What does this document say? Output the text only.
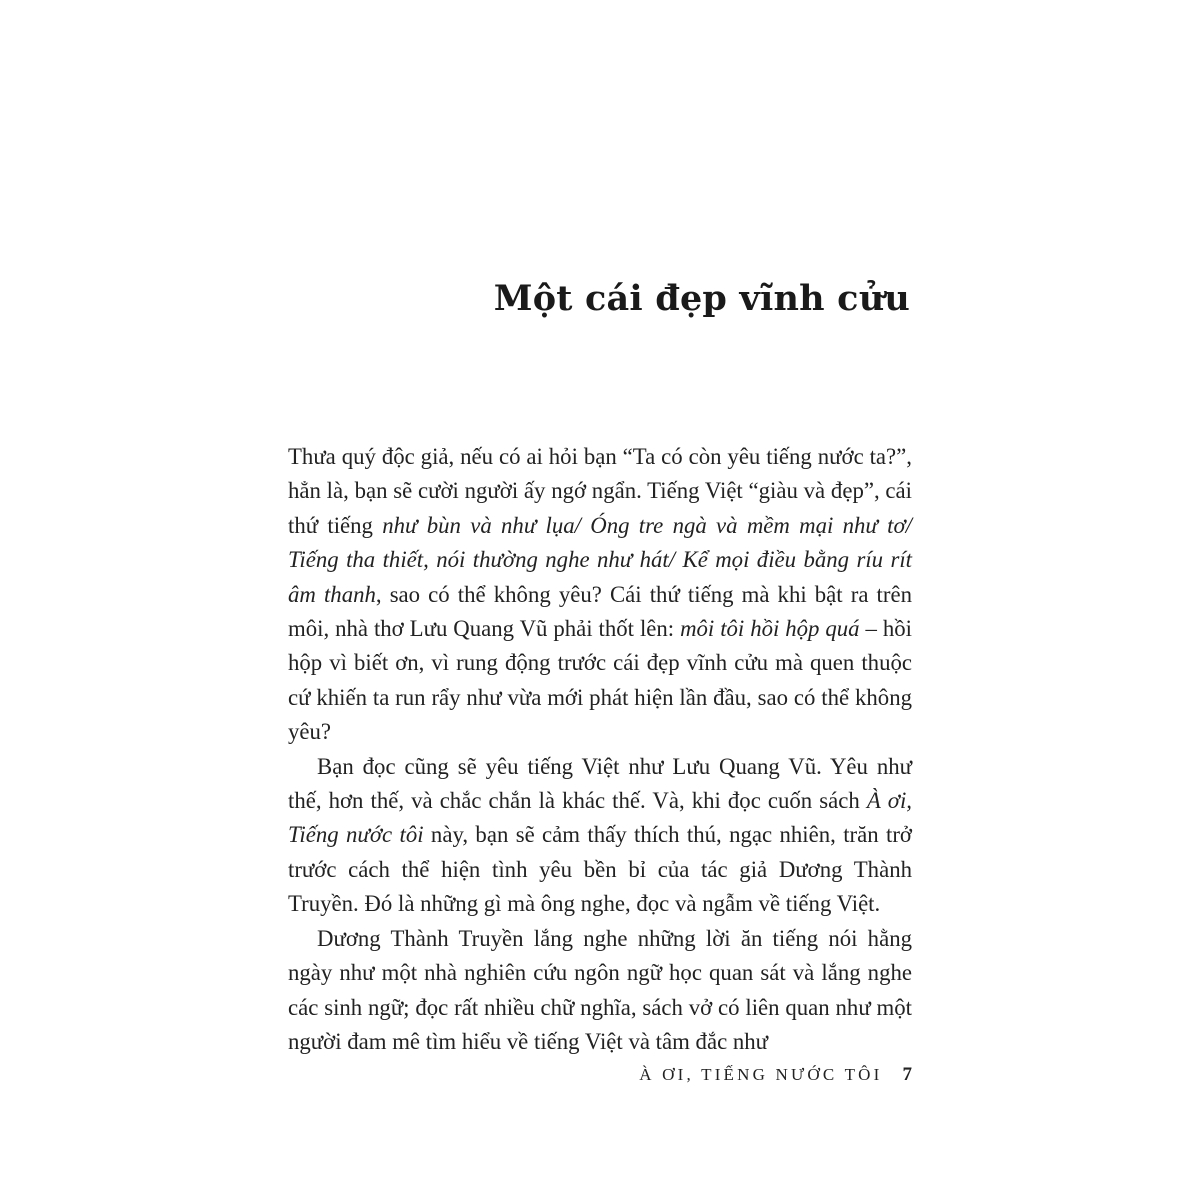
Một cái đẹp vĩnh cửu

Thưa quý độc giả, nếu có ai hỏi bạn “Ta có còn yêu tiếng nước ta?”, hẳn là, bạn sẽ cười người ấy ngớ ngẩn. Tiếng Việt “giàu và đẹp”, cái thứ tiếng như bùn và như lụa/ Óng tre ngà và mềm mại như tơ/ Tiếng tha thiết, nói thường nghe như hát/ Kể mọi điều bằng ríu rít âm thanh, sao có thể không yêu? Cái thứ tiếng mà khi bật ra trên môi, nhà thơ Lưu Quang Vũ phải thốt lên: môi tôi hồi hộp quá – hồi hộp vì biết ơn, vì rung động trước cái đẹp vĩnh cửu mà quen thuộc cứ khiến ta run rẩy như vừa mới phát hiện lần đầu, sao có thể không yêu?

Bạn đọc cũng sẽ yêu tiếng Việt như Lưu Quang Vũ. Yêu như thế, hơn thế, và chắc chắn là khác thế. Và, khi đọc cuốn sách À ơi, Tiếng nước tôi này, bạn sẽ cảm thấy thích thú, ngạc nhiên, trăn trở trước cách thể hiện tình yêu bền bỉ của tác giả Dương Thành Truyền. Đó là những gì mà ông nghe, đọc và ngẫm về tiếng Việt.

Dương Thành Truyền lắng nghe những lời ăn tiếng nói hằng ngày như một nhà nghiên cứu ngôn ngữ học quan sát và lắng nghe các sinh ngữ; đọc rất nhiều chữ nghĩa, sách vở có liên quan như một người đam mê tìm hiểu về tiếng Việt và tâm đắc như

À ƠI, TIẾNG NƯỚC TÔI 7
